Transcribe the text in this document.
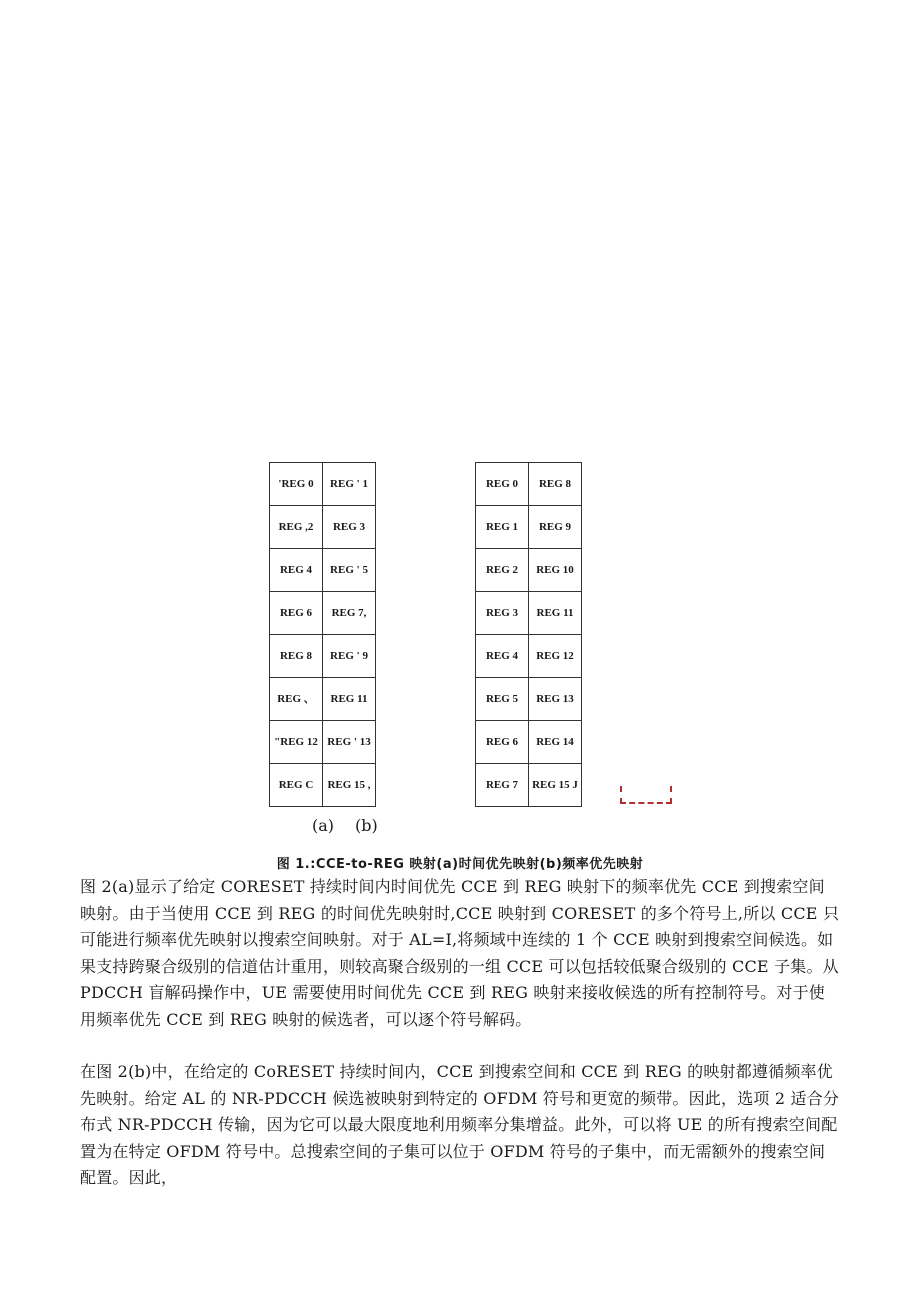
'REG 0	REG ' 1
REG ,2	REG 3
REG 4	REG ' 5
REG 6	REG 7,
REG 8	REG ' 9
REG 、	REG 11
"REG 12	REG ' 13
REG C	REG 15 ,
REG 0	REG 8
REG 1	REG 9
REG 2	REG 10
REG 3	REG 11
REG 4	REG 12
REG 5	REG 13
REG 6	REG 14
REG 7	REG 15 J
(a) (b)
图 1.:CCE-to-REG 映射(a)时间优先映射(b)频率优先映射

图 2(a)显示了给定 CORESET 持续时间内时间优先 CCE 到 REG 映射下的频率优先 CCE 到搜索空间映射。由于当使用 CCE 到 REG 的时间优先映射时,CCE 映射到 CORESET 的多个符号上,所以 CCE 只可能进行频率优先映射以搜索空间映射。对于 AL=I,将频域中连续的 1 个 CCE 映射到搜索空间候选。如果支持跨聚合级别的信道估计重用，则较高聚合级别的一组 CCE 可以包括较低聚合级别的 CCE 子集。从 PDCCH 盲解码操作中，UE 需要使用时间优先 CCE 到 REG 映射来接收候选的所有控制符号。对于使用频率优先 CCE 到 REG 映射的候选者，可以逐个符号解码。

在图 2(b)中，在给定的 CoRESET 持续时间内，CCE 到搜索空间和 CCE 到 REG 的映射都遵循频率优先映射。给定 AL 的 NR-PDCCH 候选被映射到特定的 OFDM 符号和更宽的频带。因此，选项 2 适合分布式 NR-PDCCH 传输，因为它可以最大限度地利用频率分集增益。此外，可以将 UE 的所有搜索空间配置为在特定 OFDM 符号中。总搜索空间的子集可以位于 OFDM 符号的子集中，而无需额外的搜索空间配置。因此，
